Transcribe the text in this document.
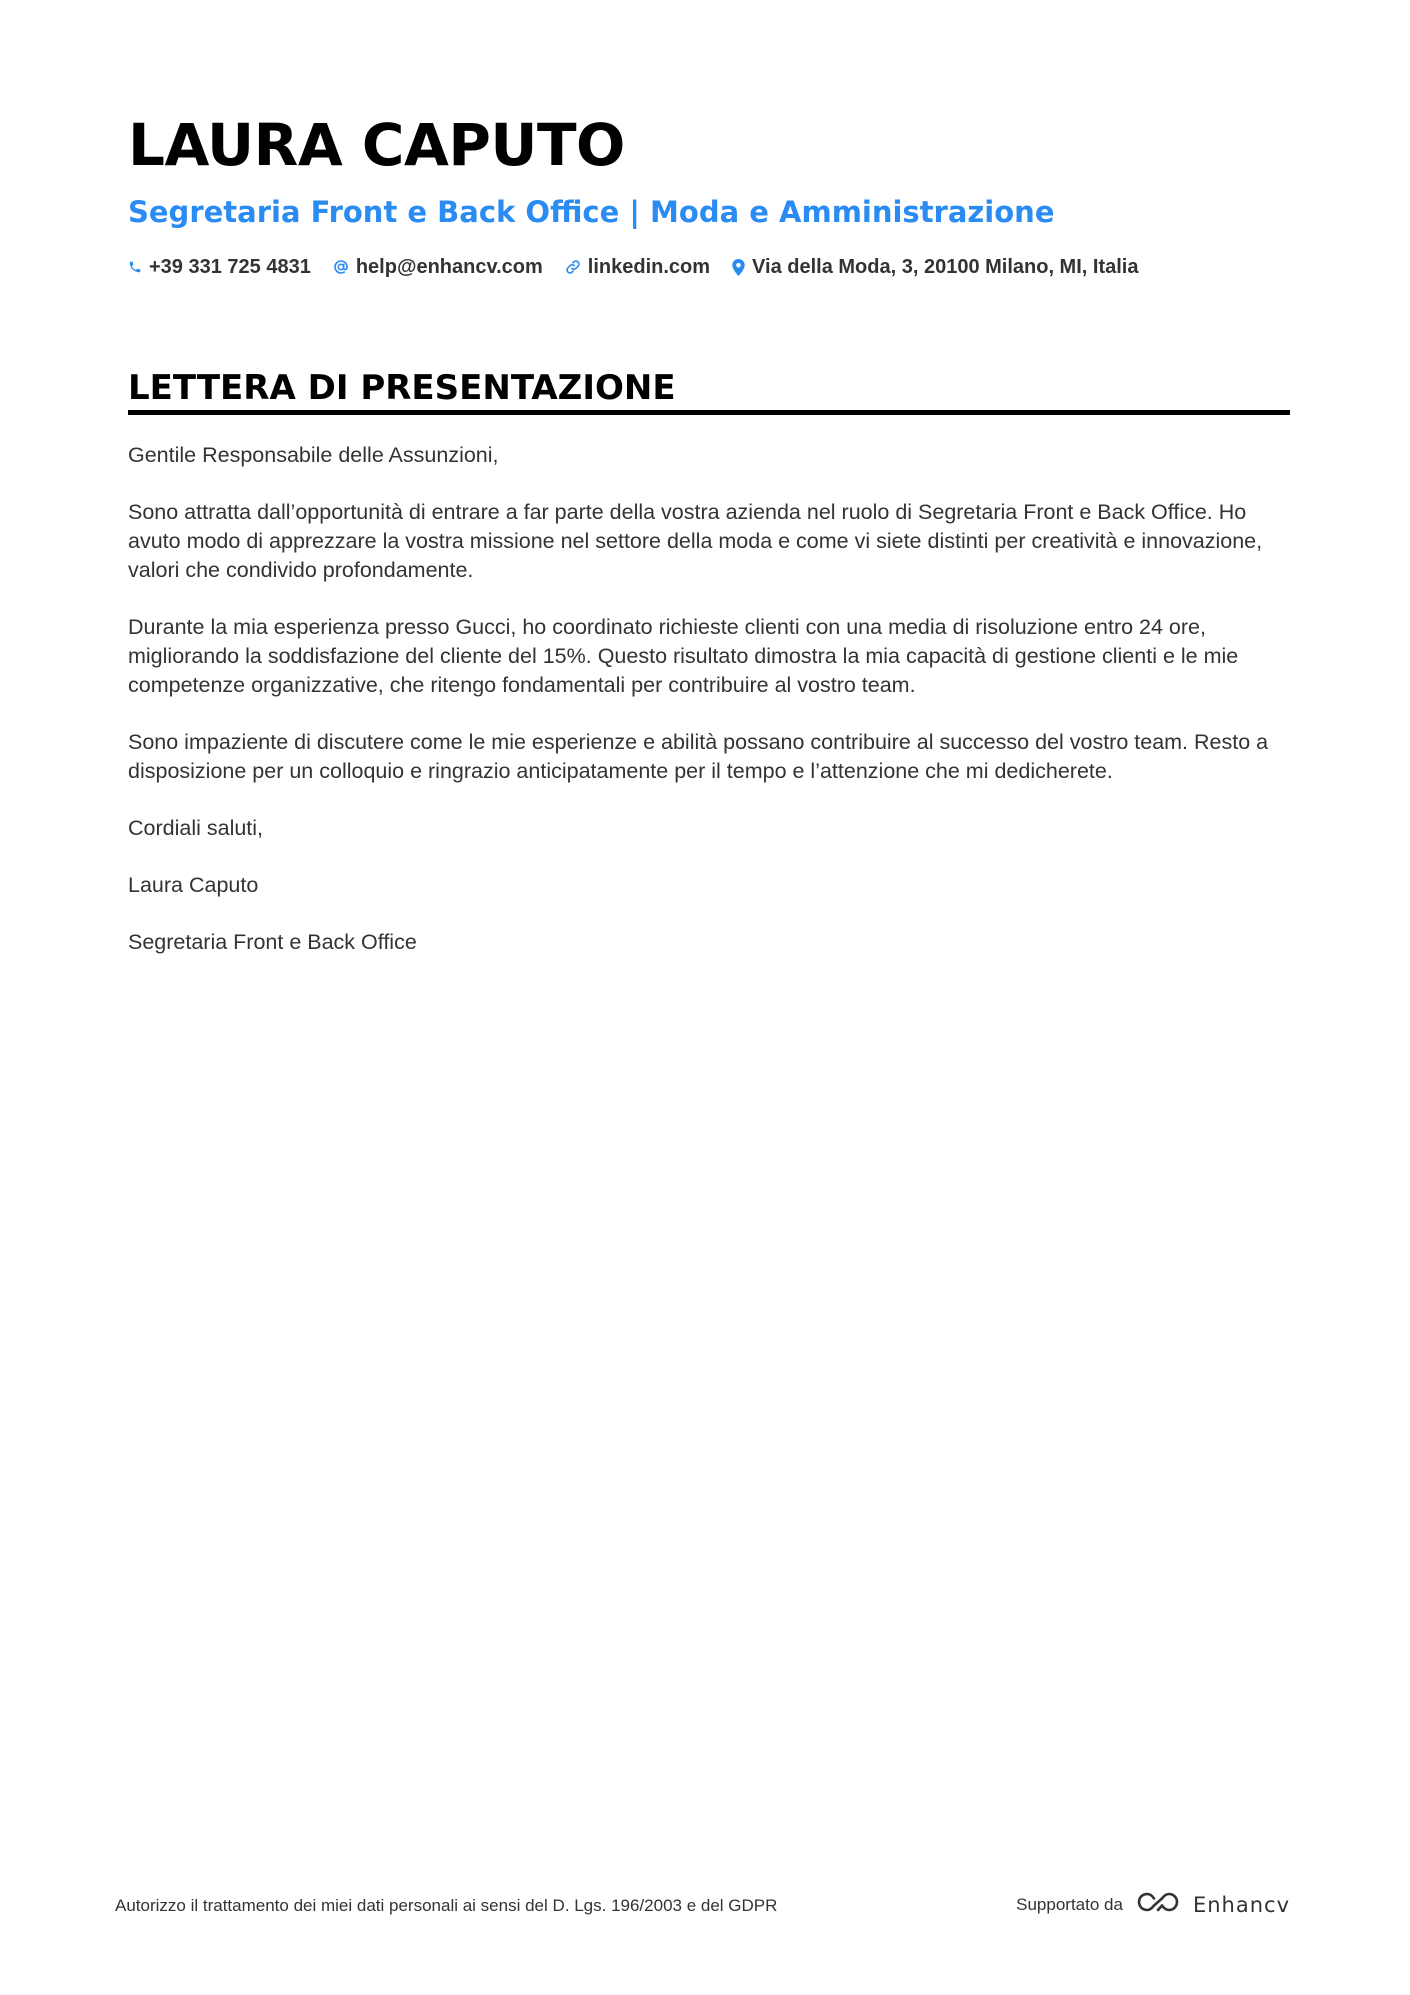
LAURA CAPUTO
Segretaria Front e Back Office | Moda e Amministrazione
+39 331 725 4831 help@enhancv.com linkedin.com Via della Moda, 3, 20100 Milano, MI, Italia
LETTERA DI PRESENTAZIONE

Gentile Responsabile delle Assunzioni,

Sono attratta dall’opportunità di entrare a far parte della vostra azienda nel ruolo di Segretaria Front e Back Office. Ho avuto modo di apprezzare la vostra missione nel settore della moda e come vi siete distinti per creatività e innovazione, valori che condivido profondamente.

Durante la mia esperienza presso Gucci, ho coordinato richieste clienti con una media di risoluzione entro 24 ore, migliorando la soddisfazione del cliente del 15%. Questo risultato dimostra la mia capacità di gestione clienti e le mie competenze organizzative, che ritengo fondamentali per contribuire al vostro team.

Sono impaziente di discutere come le mie esperienze e abilità possano contribuire al successo del vostro team. Resto a disposizione per un colloquio e ringrazio anticipatamente per il tempo e l’attenzione che mi dedicherete.

Cordiali saluti,

Laura Caputo

Segretaria Front e Back Office

Autorizzo il trattamento dei miei dati personali ai sensi del D. Lgs. 196/2003 e del GDPR	Supportato da	Enhancv
